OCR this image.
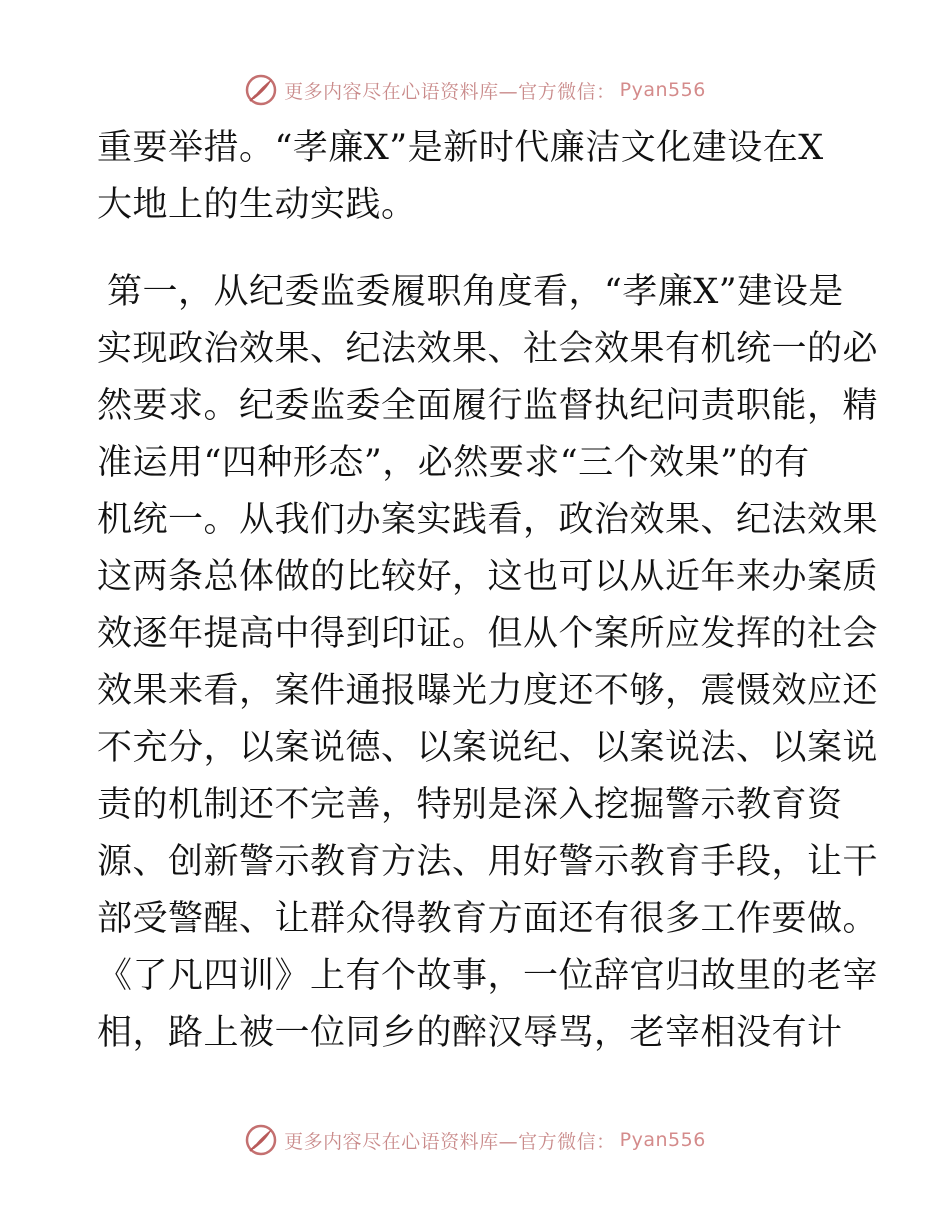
更多内容尽在心语资料库—官方微信： Pyan556
重要举措。“孝廉X”是新时代廉洁文化建设在X
大地上的生动实践。
第一，从纪委监委履职角度看，“孝廉X”建设是
实现政治效果、纪法效果、社会效果有机统一的必
然要求。纪委监委全面履行监督执纪问责职能，精
准运用“四种形态”，必然要求“三个效果”的有
机统一。从我们办案实践看，政治效果、纪法效果
这两条总体做的比较好，这也可以从近年来办案质
效逐年提高中得到印证。但从个案所应发挥的社会
效果来看，案件通报曝光力度还不够，震慑效应还
不充分，以案说德、以案说纪、以案说法、以案说
责的机制还不完善，特别是深入挖掘警示教育资
源、创新警示教育方法、用好警示教育手段，让干
部受警醒、让群众得教育方面还有很多工作要做。
《了凡四训》上有个故事，一位辞官归故里的老宰
相，路上被一位同乡的醉汉辱骂，老宰相没有计
更多内容尽在心语资料库—官方微信： Pyan556
